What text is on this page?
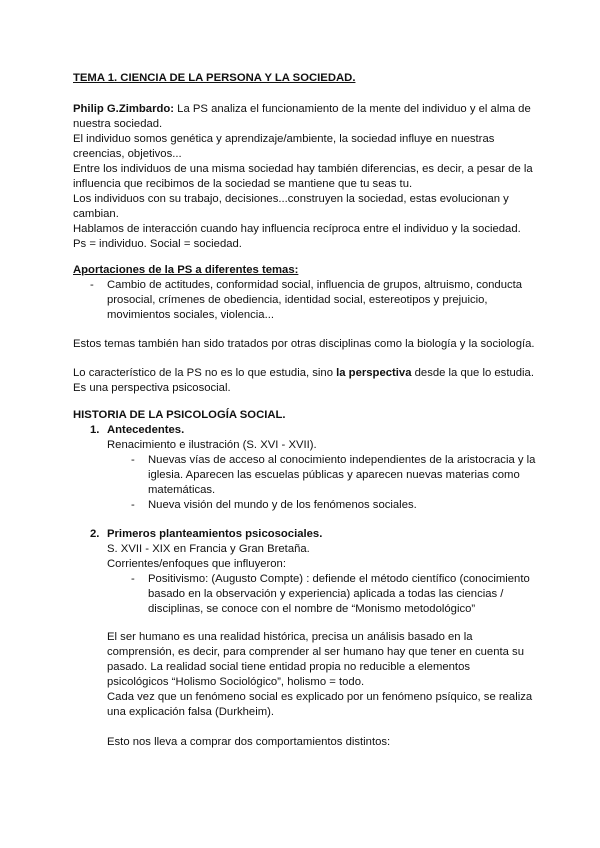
TEMA 1. CIENCIA DE LA PERSONA Y LA SOCIEDAD.
Philip G.Zimbardo: La PS analiza el funcionamiento de la mente del individuo y el alma de
nuestra sociedad.
El individuo somos genética y aprendizaje/ambiente, la sociedad influye en nuestras
creencias, objetivos...
Entre los individuos de una misma sociedad hay también diferencias, es decir, a pesar de la
influencia que recibimos de la sociedad se mantiene que tu seas tu.
Los individuos con su trabajo, decisiones...construyen la sociedad, estas evolucionan y
cambian.
Hablamos de interacción cuando hay influencia recíproca entre el individuo y la sociedad.
Ps = individuo. Social = sociedad.
Aportaciones de la PS a diferentes temas:
- Cambio de actitudes, conformidad social, influencia de grupos, altruismo, conducta
prosocial, crímenes de obediencia, identidad social, estereotipos y prejuicio,
movimientos sociales, violencia...
Estos temas también han sido tratados por otras disciplinas como la biología y la sociología.
Lo característico de la PS no es lo que estudia, sino la perspectiva desde la que lo estudia.
Es una perspectiva psicosocial.
HISTORIA DE LA PSICOLOGÍA SOCIAL.
1. Antecedentes.
Renacimiento e ilustración (S. XVI - XVII).
- Nuevas vías de acceso al conocimiento independientes de la aristocracia y la
iglesia. Aparecen las escuelas públicas y aparecen nuevas materias como
matemáticas.
- Nueva visión del mundo y de los fenómenos sociales.
2. Primeros planteamientos psicosociales.
S. XVII - XIX en Francia y Gran Bretaña.
Corrientes/enfoques que influyeron:
- Positivismo: (Augusto Compte) : defiende el método científico (conocimiento
basado en la observación y experiencia) aplicada a todas las ciencias /
disciplinas, se conoce con el nombre de “Monismo metodológico”
El ser humano es una realidad histórica, precisa un análisis basado en la
comprensión, es decir, para comprender al ser humano hay que tener en cuenta su
pasado. La realidad social tiene entidad propia no reducible a elementos
psicológicos “Holismo Sociológico”, holismo = todo.
Cada vez que un fenómeno social es explicado por un fenómeno psíquico, se realiza
una explicación falsa (Durkheim).
Esto nos lleva a comprar dos comportamientos distintos:
